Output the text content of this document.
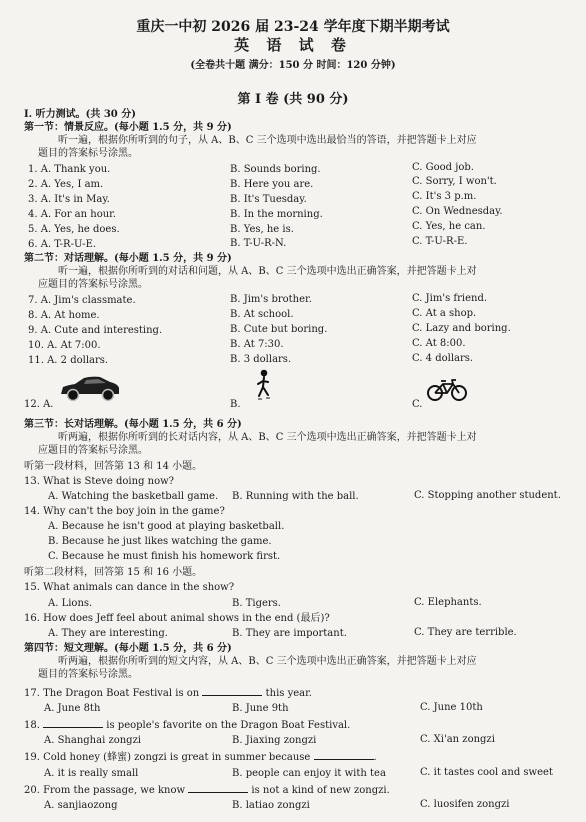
重庆一中初 2026 届 23-24 学年度下期半期考试
英 语 试 卷
(全卷共十题 满分：150 分 时间：120 分钟)
第 I 卷 (共 90 分)
I. 听力测试。(共 30 分)
第一节：情景反应。(每小题 1.5 分，共 9 分)
听一遍，根据你所听到的句子，从 A、B、C 三个选项中选出最恰当的答语，并把答题卡上对应
题目的答案标号涂黑。
1. A. Thank you.	B. Sounds boring.	C. Good job.
2. A. Yes, I am.	B. Here you are.	C. Sorry, I won't.
3. A. It's in May.	B. It's Tuesday.	C. It's 3 p.m.
4. A. For an hour.	B. In the morning.	C. On Wednesday.
5. A. Yes, he does.	B. Yes, he is.	C. Yes, he can.
6. A. T-R-U-E.	B. T-U-R-N.	C. T-U-R-E.
第二节：对话理解。(每小题 1.5 分，共 9 分)
听一遍，根据你所听到的对话和问题，从 A、B、C 三个选项中选出正确答案，并把答题卡上对
应题目的答案标号涂黑。
7. A. Jim's classmate.	B. Jim's brother.	C. Jim's friend.
8. A. At home.	B. At school.	C. At a shop.
9. A. Cute and interesting.	B. Cute but boring.	C. Lazy and boring.
10. A. At 7:00.	B. At 7:30.	C. At 8:00.
11. A. 2 dollars.	B. 3 dollars.	C. 4 dollars.
12. A.	B.	C.
第三节：长对话理解。(每小题 1.5 分，共 6 分)
听两遍，根据你所听到的长对话内容，从 A、B、C 三个选项中选出正确答案，并把答题卡上对
应题目的答案标号涂黑。
听第一段材料，回答第 13 和 14 小题。
13. What is Steve doing now?
A. Watching the basketball game. B. Running with the ball.	C. Stopping another student.
14. Why can't the boy join in the game?
A. Because he isn't good at playing basketball.
B. Because he just likes watching the game.
C. Because he must finish his homework first.
听第二段材料，回答第 15 和 16 小题。
15. What animals can dance in the show?
A. Lions.	B. Tigers.	C. Elephants.
16. How does Jeff feel about animal shows in the end (最后)?
A. They are interesting.	B. They are important.	C. They are terrible.
第四节：短文理解。(每小题 1.5 分，共 6 分)
听两遍，根据你所听到的短文内容，从 A、B、C 三个选项中选出正确答案，并把答题卡上对应
题目的答案标号涂黑。
17. The Dragon Boat Festival is on	this year.
A. June 8th	B. June 9th	C. June 10th
18.	is people's favorite on the Dragon Boat Festival.
A. Shanghai zongzi	B. Jiaxing zongzi	C. Xi'an zongzi
19. Cold honey (蜂蜜) zongzi is great in summer because	.
A. it is really small	B. people can enjoy it with tea	C. it tastes cool and sweet
20. From the passage, we know	is not a kind of new zongzi.
A. sanjiaozong	B. latiao zongzi	C. luosifen zongzi
